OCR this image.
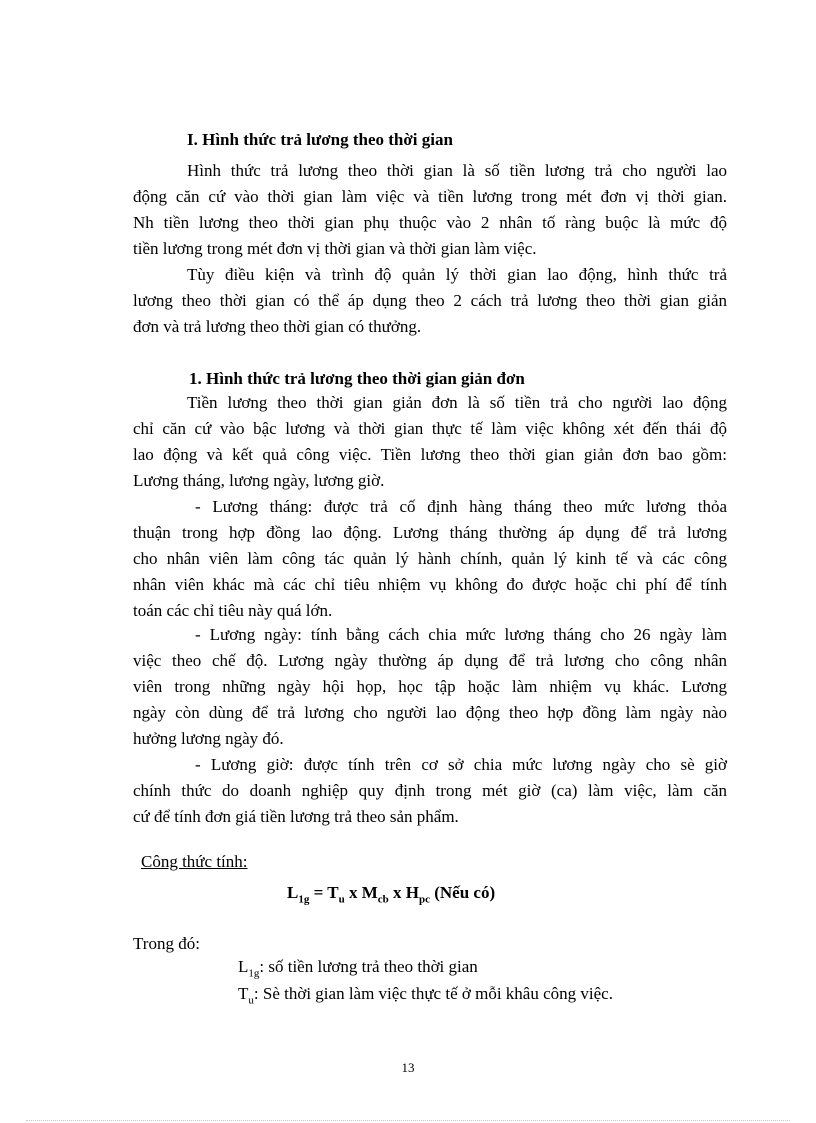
I. Hình thức trả lương theo thời gian

Hình thức trả lương theo thời gian là số tiền lương trả cho người lao
động căn cứ vào thời gian làm việc và tiền lương trong mét đơn vị thời gian.
Nh tiền lương theo thời gian phụ thuộc vào 2 nhân tố ràng buộc là mức độ
tiền lương trong mét đơn vị thời gian và thời gian làm việc.
Tùy điều kiện và trình độ quản lý thời gian lao động, hình thức trả
lương theo thời gian có thể áp dụng theo 2 cách trả lương theo thời gian giản
đơn và trả lương theo thời gian có thưởng.

1. Hình thức trả lương theo thời gian giản đơn

Tiền lương theo thời gian giản đơn là số tiền trả cho người lao động
chỉ căn cứ vào bậc lương và thời gian thực tế làm việc không xét đến thái độ
lao động và kết quả công việc. Tiền lương theo thời gian giản đơn bao gồm:
Lương tháng, lương ngày, lương giờ.
- Lương tháng: được trả cố định hàng tháng theo mức lương thỏa
thuận trong hợp đồng lao động. Lương tháng thường áp dụng để trả lương
cho nhân viên làm công tác quản lý hành chính, quản lý kinh tế và các công
nhân viên khác mà các chỉ tiêu nhiệm vụ không đo được hoặc chi phí để tính
toán các chỉ tiêu này quá lớn.
- Lương ngày: tính bằng cách chia mức lương tháng cho 26 ngày làm
việc theo chế độ. Lương ngày thường áp dụng để trả lương cho công nhân
viên trong những ngày hội họp, học tập hoặc làm nhiệm vụ khác. Lương
ngày còn dùng để trả lương cho người lao động theo hợp đồng làm ngày nào
hưởng lương ngày đó.
- Lương giờ: được tính trên cơ sở chia mức lương ngày cho sè giờ
chính thức do doanh nghiệp quy định trong mét giờ (ca) làm việc, làm căn
cứ để tính đơn giá tiền lương trả theo sản phẩm.
Công thức tính:
$L_{1g} = T_u$ x $M_{cb}$ x $H_{pc}$ (Nếu có)
Trong đó:
$L_{1g}$: số tiền lương trả theo thời gian
$T_u$: Sè thời gian làm việc thực tế ở mỗi khâu công việc.
13
